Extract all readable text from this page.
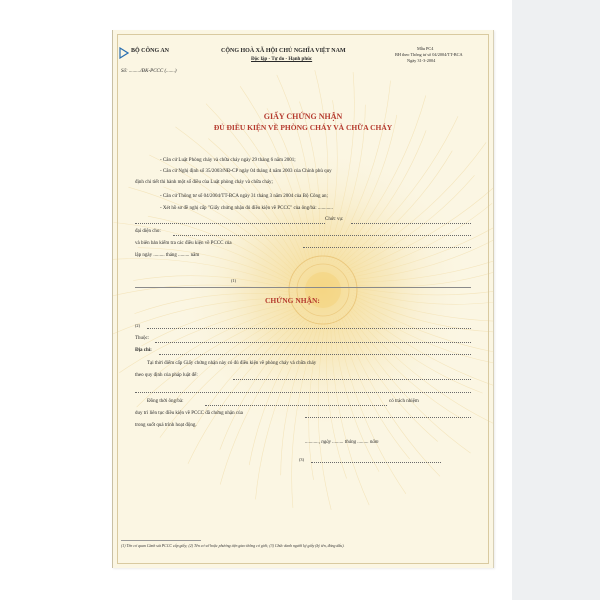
BỘ CÔNG AN	CỘNG HOÀ XÃ HỘI CHỦ NGHĨA VIỆT NAM
Độc lập - Tự do - Hạnh phúc
Mẫu PC4
BH theo Thông tư số 04/2004/TT-BCA
Ngày 31-3-2004
Số: ........./ĐK-PCCC (.......)
GIẤY CHỨNG NHẬN
ĐỦ ĐIỀU KIỆN VỀ PHÒNG CHÁY VÀ CHỮA CHÁY
- Căn cứ Luật Phòng cháy và chữa cháy ngày 29 tháng 6 năm 2001;
- Căn cứ Nghị định số 35/2003/NĐ-CP ngày 04 tháng 4 năm 2003 của Chính phủ quy
định chi tiết thi hành một số điều của Luật phòng cháy và chữa cháy;
- Căn cứ Thông tư số 04/2004/TT-BCA ngày 31 tháng 3 năm 2004 của Bộ Công an;
- Xét hồ sơ đề nghị cấp "Giấy chứng nhận đủ điều kiện về PCCC" của ông/bà: ............
Chức vụ:
đại diện cho:
và biên bản kiểm tra các điều kiện về PCCC của
lập ngày ......... tháng ......... năm
(1)
CHỨNG NHẬN:
(2)
Thuộc:
Địa chỉ:
Tại thời điểm cấp Giấy chứng nhận này có đủ điều kiện về phòng cháy và chữa cháy
theo quy định của pháp luật để:
Đồng thời ông/bà:	có trách nhiệm
duy trì liên tục điều kiện về PCCC đã chứng nhận của
trong suốt quá trình hoạt động.
..........., ngày ......... tháng ......... năm
(3)
(1) Tên cơ quan Cảnh sát PCCC cấp giấy; (2) Tên cơ sở hoặc phương tiện giao thông cơ giới; (3) Chức danh người ký giấy (ký tên, đóng dấu).
